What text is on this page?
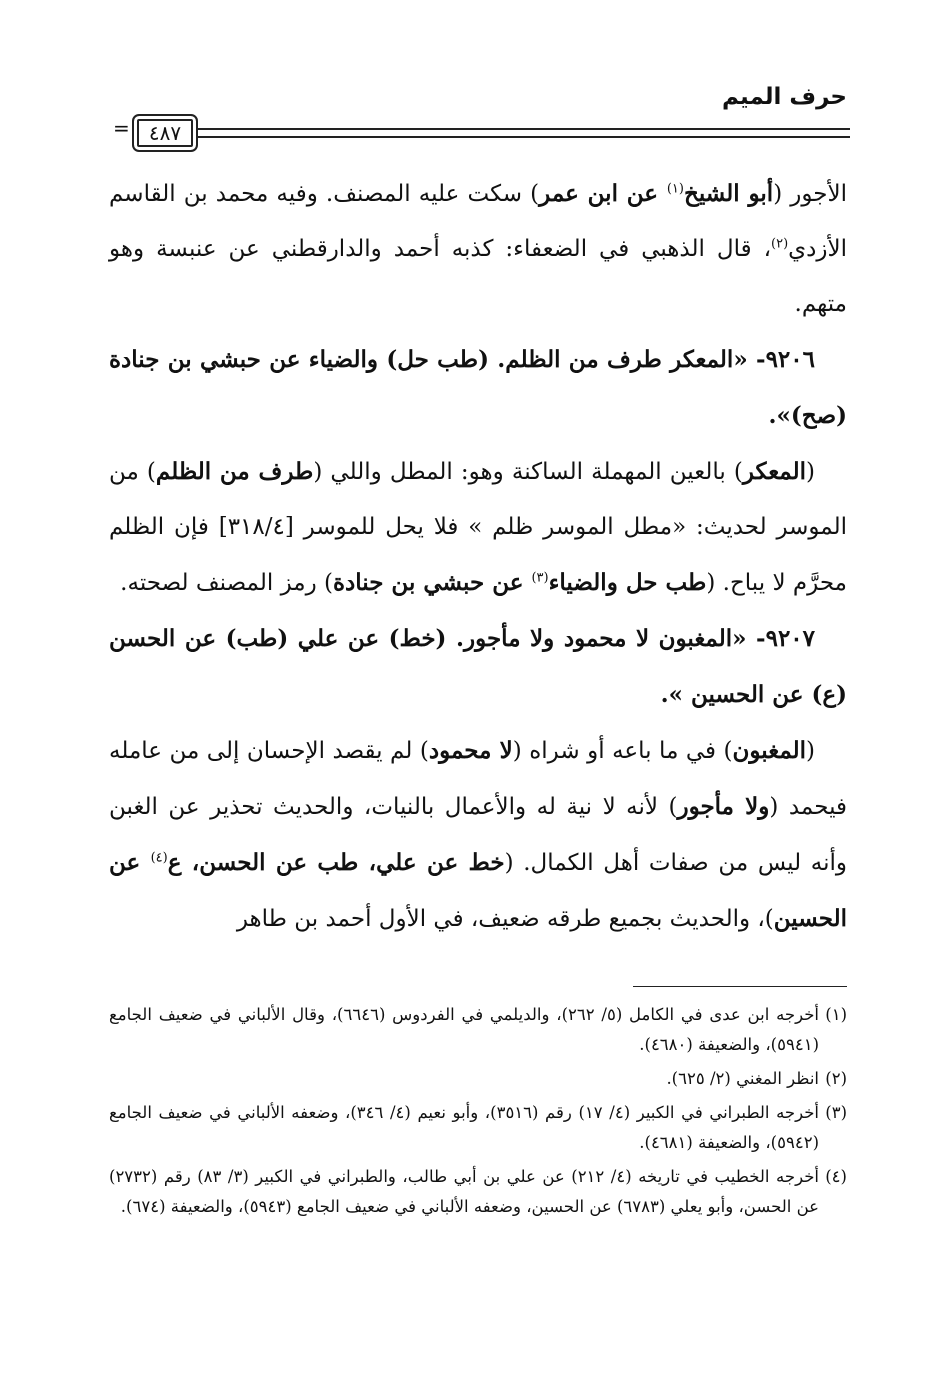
حرف الميم
= ٤٨٧

الأجور (أبو الشيخ$^{(١)}$ عن ابن عمر) سكت عليه المصنف. وفيه محمد بن القاسم الأزدي$^{(٢)}$، قال الذهبي في الضعفاء: كذبه أحمد والدارقطني عن عنبسة وهو متهم.

٩٢٠٦- «المعكر طرف من الظلم. (طب حل) والضياء عن حبشي بن جنادة (صح)».

(المعكر) بالعين المهملة الساكنة وهو: المطل واللي (طرف من الظلم) من الموسر لحديث: «مطل الموسر ظلم » فلا يحل للموسر [٣١٨/٤] فإن الظلم محرَّم لا يباح. (طب حل والضياء$^{(٣)}$ عن حبشي بن جنادة) رمز المصنف لصحته.

٩٢٠٧- «المغبون لا محمود ولا مأجور. (خط) عن علي (طب) عن الحسن (ع) عن الحسين ».

(المغبون) في ما باعه أو شراه (لا محمود) لم يقصد الإحسان إلى من عامله فيحمد (ولا مأجور) لأنه لا نية له والأعمال بالنيات، والحديث تحذير عن الغبن وأنه ليس من صفات أهل الكمال. (خط عن علي، طب عن الحسن، ع$^{(٤)}$ عن الحسين)، والحديث بجميع طرقه ضعيف، في الأول أحمد بن طاهر

(١)أخرجه ابن عدى في الكامل (٥/ ٢٦٢)، والديلمي في الفردوس (٦٦٤٦)، وقال الألباني في ضعيف الجامع (٥٩٤١)، والضعيفة (٤٦٨٠).

(٢)انظر المغني (٢/ ٦٢٥).

(٣)أخرجه الطبراني في الكبير (٤/ ١٧) رقم (٣٥١٦)، وأبو نعيم (٤/ ٣٤٦)، وضعفه الألباني في ضعيف الجامع (٥٩٤٢)، والضعيفة (٤٦٨١).

(٤)أخرجه الخطيب في تاريخه (٤/ ٢١٢) عن علي بن أبي طالب، والطبراني في الكبير (٣/ ٨٣) رقم (٢٧٣٢) عن الحسن، وأبو يعلي (٦٧٨٣) عن الحسين، وضعفه الألباني في ضعيف الجامع (٥٩٤٣)، والضعيفة (٦٧٤).
